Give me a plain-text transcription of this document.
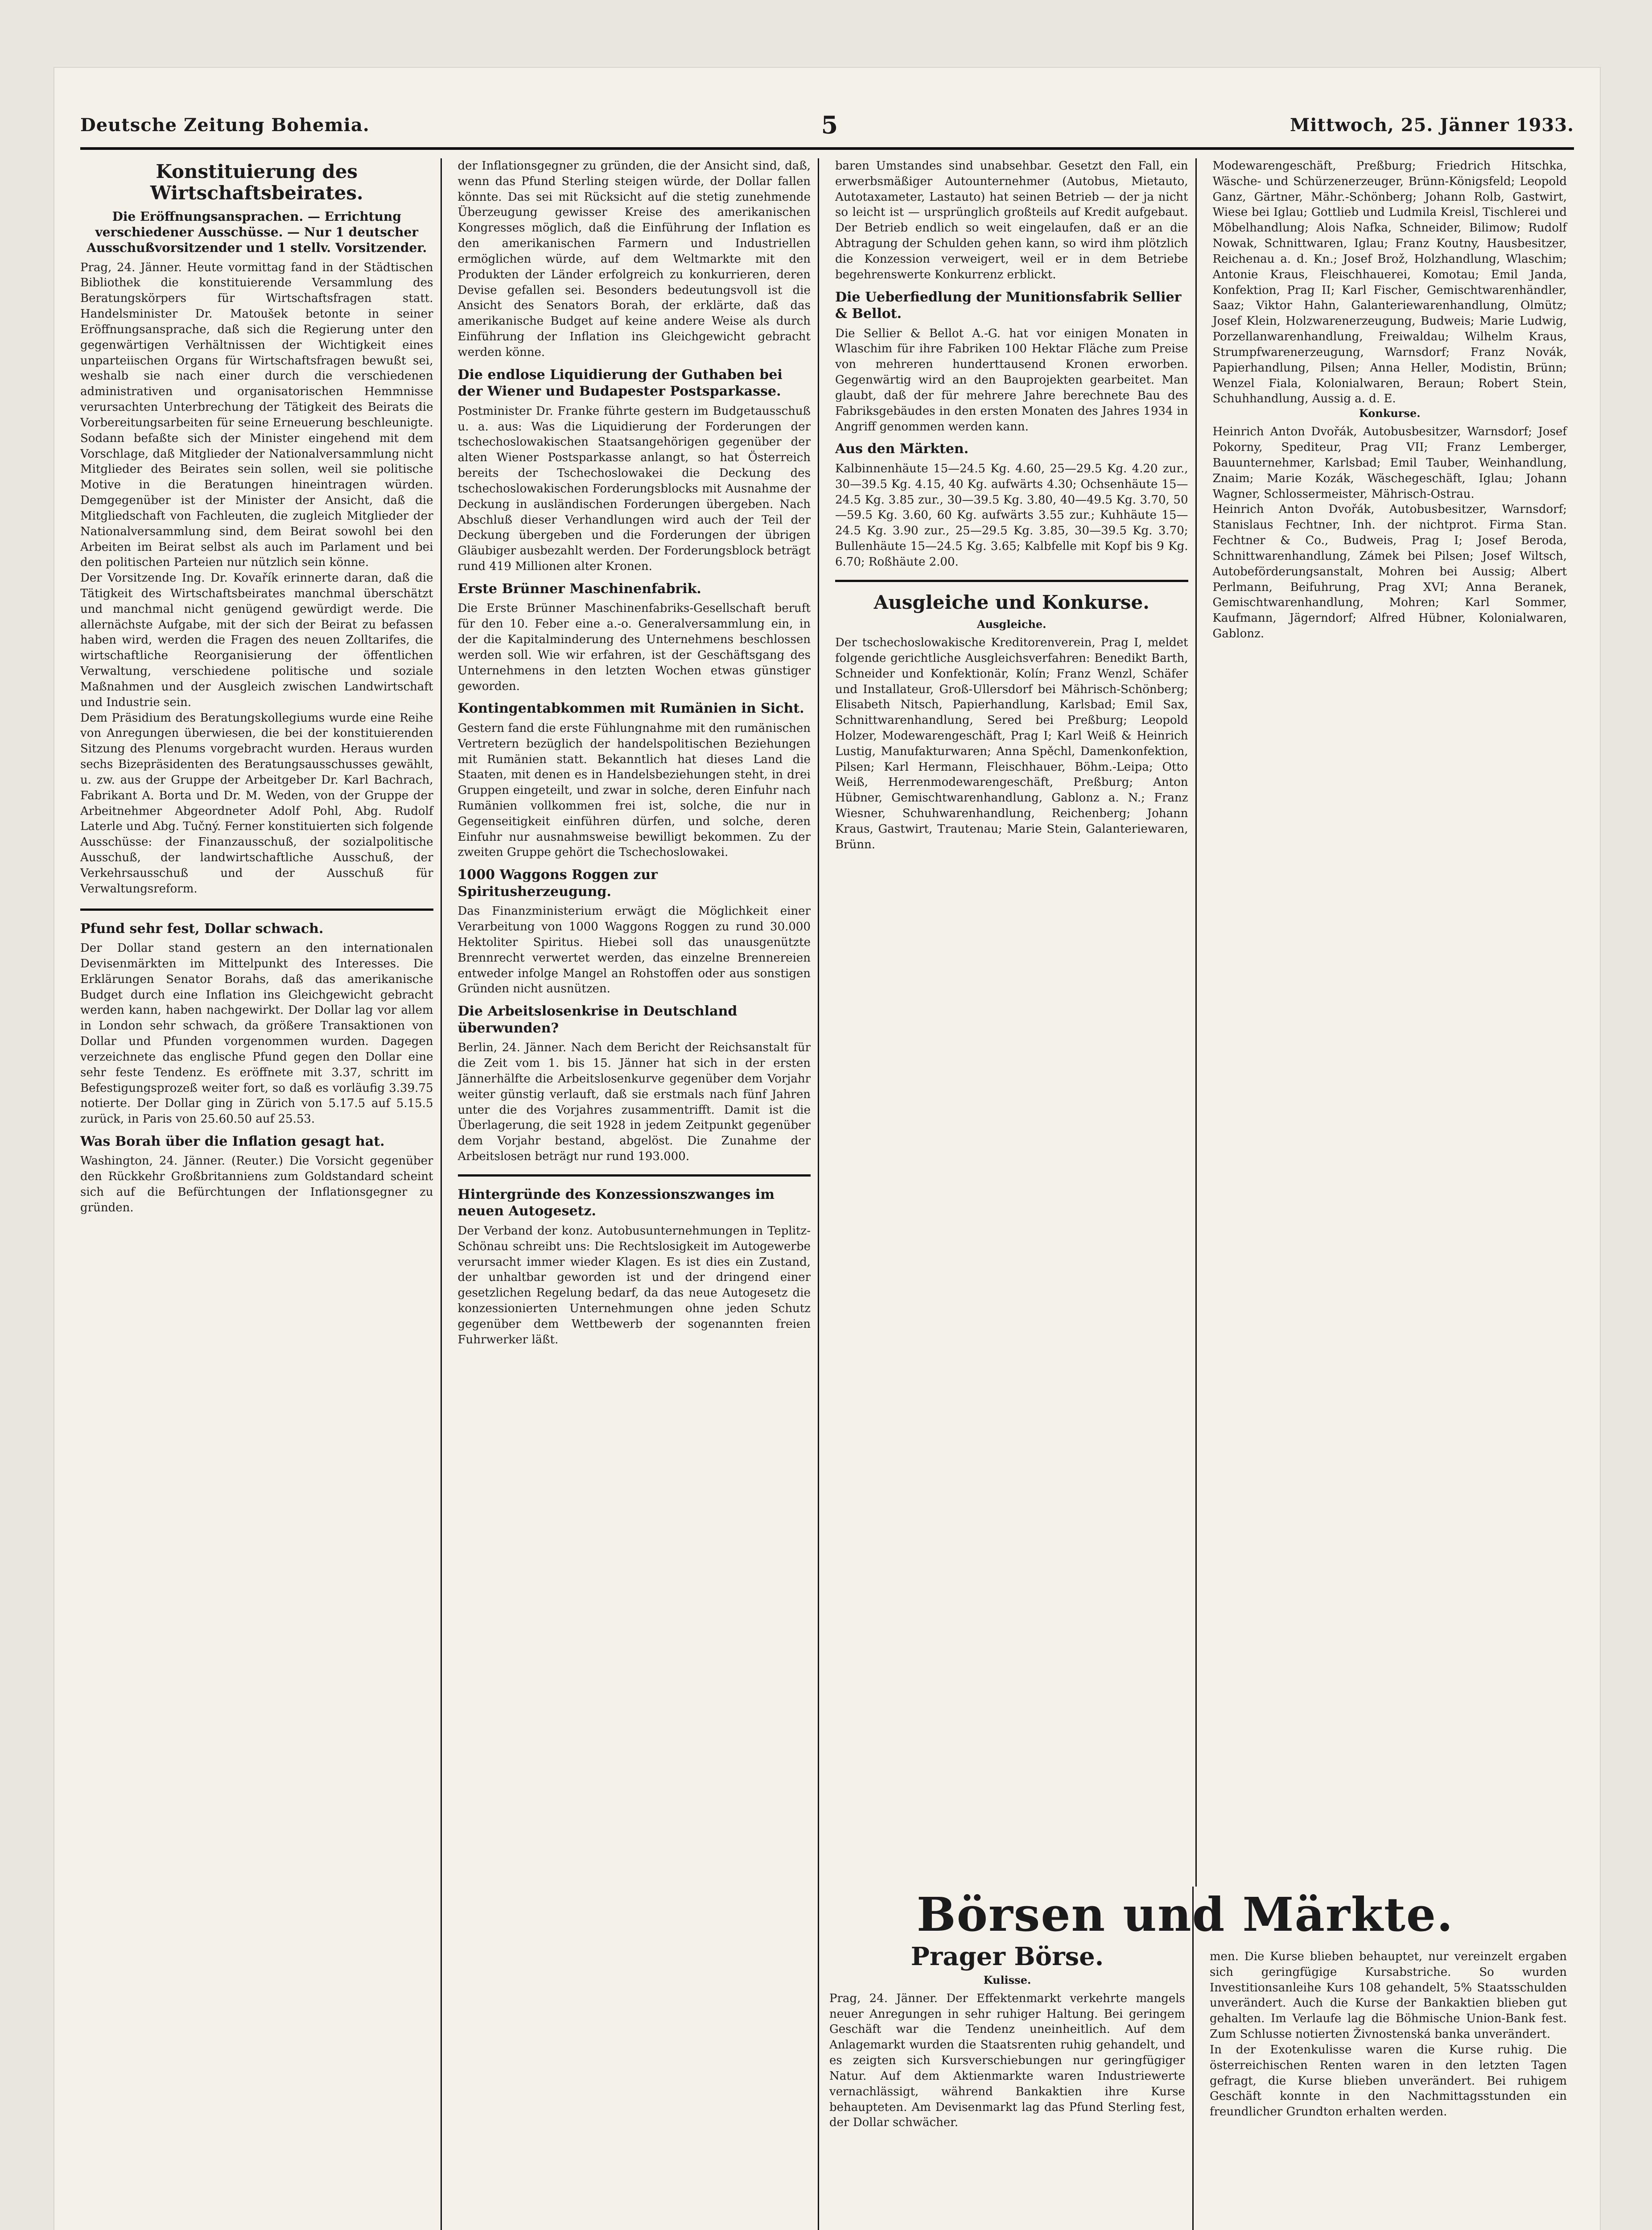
Deutsche Zeitung Bohemia.	5	Mittwoch, 25. Jänner 1933.
Konstituierung des Wirtschaftsbeirates.
Die Eröffnungsansprachen. — Errichtung verschiedener Ausschüsse. — Nur 1 deutscher Ausschußvorsitzender und 1 stellv. Vorsitzender.

Prag, 24. Jänner. Heute vormittag fand in der Städtischen Bibliothek die konstituierende Versammlung des Beratungskörpers für Wirtschaftsfragen statt. Handelsminister Dr. Matoušek betonte in seiner Eröffnungsansprache, daß sich die Regierung unter den gegenwärtigen Verhältnissen der Wichtigkeit eines unparteiischen Organs für Wirtschaftsfragen bewußt sei, weshalb sie nach einer durch die verschiedenen administrativen und organisatorischen Hemmnisse verursachten Unterbrechung der Tätigkeit des Beirats die Vorbereitungsarbeiten für seine Erneuerung beschleunigte. Sodann befaßte sich der Minister eingehend mit dem Vorschlage, daß Mitglieder der Nationalversammlung nicht Mitglieder des Beirates sein sollen, weil sie politische Motive in die Beratungen hineintragen würden. Demgegenüber ist der Minister der Ansicht, daß die Mitgliedschaft von Fachleuten, die zugleich Mitglieder der Nationalversammlung sind, dem Beirat sowohl bei den Arbeiten im Beirat selbst als auch im Parlament und bei den politischen Parteien nur nützlich sein könne.

Der Vorsitzende Ing. Dr. Kovařík erinnerte daran, daß die Tätigkeit des Wirtschaftsbeirates manchmal überschätzt und manchmal nicht genügend gewürdigt werde. Die allernächste Aufgabe, mit der sich der Beirat zu befassen haben wird, werden die Fragen des neuen Zolltarifes, die wirtschaftliche Reorganisierung der öffentlichen Verwaltung, verschiedene politische und soziale Maßnahmen und der Ausgleich zwischen Landwirtschaft und Industrie sein.

Dem Präsidium des Beratungskollegiums wurde eine Reihe von Anregungen überwiesen, die bei der konstituierenden Sitzung des Plenums vorgebracht wurden. Heraus wurden sechs Bizepräsidenten des Beratungsausschusses gewählt, u. zw. aus der Gruppe der Arbeitgeber Dr. Karl Bachrach, Fabrikant A. Borta und Dr. M. Weden, von der Gruppe der Arbeitnehmer Abgeordneter Adolf Pohl, Abg. Rudolf Laterle und Abg. Tučný. Ferner konstituierten sich folgende Ausschüsse: der Finanzausschuß, der sozialpolitische Ausschuß, der landwirtschaftliche Ausschuß, der Verkehrsausschuß und der Ausschuß für Verwaltungsreform.

Pfund sehr fest, Dollar schwach.

Der Dollar stand gestern an den internationalen Devisenmärkten im Mittelpunkt des Interesses. Die Erklärungen Senator Borahs, daß das amerikanische Budget durch eine Inflation ins Gleichgewicht gebracht werden kann, haben nachgewirkt. Der Dollar lag vor allem in London sehr schwach, da größere Transaktionen von Dollar und Pfunden vorgenommen wurden. Dagegen verzeichnete das englische Pfund gegen den Dollar eine sehr feste Tendenz. Es eröffnete mit 3.37, schritt im Befestigungsprozeß weiter fort, so daß es vorläufig 3.39.75 notierte. Der Dollar ging in Zürich von 5.17.5 auf 5.15.5 zurück, in Paris von 25.60.50 auf 25.53.

Was Borah über die Inflation gesagt hat.

Washington, 24. Jänner. (Reuter.) Die Vorsicht gegenüber den Rückkehr Großbritanniens zum Goldstandard scheint sich auf die Befürchtungen der Inflationsgegner zu gründen.

der Inflationsgegner zu gründen, die der Ansicht sind, daß, wenn das Pfund Sterling steigen würde, der Dollar fallen könnte. Das sei mit Rücksicht auf die stetig zunehmende Überzeugung gewisser Kreise des amerikanischen Kongresses möglich, daß die Einführung der Inflation es den amerikanischen Farmern und Industriellen ermöglichen würde, auf dem Weltmarkte mit den Produkten der Länder erfolgreich zu konkurrieren, deren Devise gefallen sei. Besonders bedeutungsvoll ist die Ansicht des Senators Borah, der erklärte, daß das amerikanische Budget auf keine andere Weise als durch Einführung der Inflation ins Gleichgewicht gebracht werden könne.

Die endlose Liquidierung der Guthaben bei der Wiener und Budapester Postsparkasse.

Postminister Dr. Franke führte gestern im Budgetausschuß u. a. aus: Was die Liquidierung der Forderungen der tschechoslowakischen Staatsangehörigen gegenüber der alten Wiener Postsparkasse anlangt, so hat Österreich bereits der Tschechoslowakei die Deckung des tschechoslowakischen Forderungsblocks mit Ausnahme der Deckung in ausländischen Forderungen übergeben. Nach Abschluß dieser Verhandlungen wird auch der Teil der Deckung übergeben und die Forderungen der übrigen Gläubiger ausbezahlt werden. Der Forderungsblock beträgt rund 419 Millionen alter Kronen.

Erste Brünner Maschinenfabrik.

Die Erste Brünner Maschinenfabriks-Gesellschaft beruft für den 10. Feber eine a.-o. Generalversammlung ein, in der die Kapitalminderung des Unternehmens beschlossen werden soll. Wie wir erfahren, ist der Geschäftsgang des Unternehmens in den letzten Wochen etwas günstiger geworden.

Kontingentabkommen mit Rumänien in Sicht.

Gestern fand die erste Fühlungnahme mit den rumänischen Vertretern bezüglich der handelspolitischen Beziehungen mit Rumänien statt. Bekanntlich hat dieses Land die Staaten, mit denen es in Handelsbeziehungen steht, in drei Gruppen eingeteilt, und zwar in solche, deren Einfuhr nach Rumänien vollkommen frei ist, solche, die nur in Gegenseitigkeit einführen dürfen, und solche, deren Einfuhr nur ausnahmsweise bewilligt bekommen. Zu der zweiten Gruppe gehört die Tschechoslowakei.

1000 Waggons Roggen zur Spiritusherzeugung.

Das Finanzministerium erwägt die Möglichkeit einer Verarbeitung von 1000 Waggons Roggen zu rund 30.000 Hektoliter Spiritus. Hiebei soll das unausgenützte Brennrecht verwertet werden, das einzelne Brennereien entweder infolge Mangel an Rohstoffen oder aus sonstigen Gründen nicht ausnützen.

Die Arbeitslosenkrise in Deutschland überwunden?

Berlin, 24. Jänner. Nach dem Bericht der Reichsanstalt für die Zeit vom 1. bis 15. Jänner hat sich in der ersten Jännerhälfte die Arbeitslosenkurve gegenüber dem Vorjahr weiter günstig verlauft, daß sie erstmals nach fünf Jahren unter die des Vorjahres zusammentrifft. Damit ist die Überlagerung, die seit 1928 in jedem Zeitpunkt gegenüber dem Vorjahr bestand, abgelöst. Die Zunahme der Arbeitslosen beträgt nur rund 193.000.

Hintergründe des Konzessionszwanges im neuen Autogesetz.

Der Verband der konz. Autobusunternehmungen in Teplitz-Schönau schreibt uns: Die Rechtslosigkeit im Autogewerbe verursacht immer wieder Klagen. Es ist dies ein Zustand, der unhaltbar geworden ist und der dringend einer gesetzlichen Regelung bedarf, da das neue Autogesetz die konzessionierten Unternehmungen ohne jeden Schutz gegenüber dem Wettbewerb der sogenannten freien Fuhrwerker läßt.

baren Umstandes sind unabsehbar. Gesetzt den Fall, ein erwerbsmäßiger Autounternehmer (Autobus, Mietauto, Autotaxameter, Lastauto) hat seinen Betrieb — der ja nicht so leicht ist — ursprünglich großteils auf Kredit aufgebaut. Der Betrieb endlich so weit eingelaufen, daß er an die Abtragung der Schulden gehen kann, so wird ihm plötzlich die Konzession verweigert, weil er in dem Betriebe begehrenswerte Konkurrenz erblickt.

Die Ueberfiedlung der Munitionsfabrik Sellier & Bellot.

Die Sellier & Bellot A.-G. hat vor einigen Monaten in Wlaschim für ihre Fabriken 100 Hektar Fläche zum Preise von mehreren hunderttausend Kronen erworben. Gegenwärtig wird an den Bauprojekten gearbeitet. Man glaubt, daß der für mehrere Jahre berechnete Bau des Fabriksgebäudes in den ersten Monaten des Jahres 1934 in Angriff genommen werden kann.

Aus den Märkten.

Kalbinnenhäute 15—24.5 Kg. 4.60, 25—29.5 Kg. 4.20 zur., 30—39.5 Kg. 4.15, 40 Kg. aufwärts 4.30; Ochsenhäute 15—24.5 Kg. 3.85 zur., 30—39.5 Kg. 3.80, 40—49.5 Kg. 3.70, 50—59.5 Kg. 3.60, 60 Kg. aufwärts 3.55 zur.; Kuhhäute 15—24.5 Kg. 3.90 zur., 25—29.5 Kg. 3.85, 30—39.5 Kg. 3.70; Bullenhäute 15—24.5 Kg. 3.65; Kalbfelle mit Kopf bis 9 Kg. 6.70; Roßhäute 2.00.

Ausgleiche und Konkurse.
Ausgleiche.

Der tschechoslowakische Kreditorenverein, Prag I, meldet folgende gerichtliche Ausgleichsverfahren: Benedikt Barth, Schneider und Konfektionär, Kolín; Franz Wenzl, Schäfer und Installateur, Groß-Ullersdorf bei Mährisch-Schönberg; Elisabeth Nitsch, Papierhandlung, Karlsbad; Emil Sax, Schnittwarenhandlung, Sered bei Preßburg; Leopold Holzer, Modewarengeschäft, Prag I; Karl Weiß & Heinrich Lustig, Manufakturwaren; Anna Spěchl, Damenkonfektion, Pilsen; Karl Hermann, Fleischhauer, Böhm.-Leipa; Otto Weiß, Herrenmodewarengeschäft, Preßburg; Anton Hübner, Gemischtwarenhandlung, Gablonz a. N.; Franz Wiesner, Schuhwarenhandlung, Reichenberg; Johann Kraus, Gastwirt, Trautenau; Marie Stein, Galanteriewaren, Brünn.

Modewarengeschäft, Preßburg; Friedrich Hitschka, Wäsche- und Schürzenerzeuger, Brünn-Königsfeld; Leopold Ganz, Gärtner, Mähr.-Schönberg; Johann Rolb, Gastwirt, Wiese bei Iglau; Gottlieb und Ludmila Kreisl, Tischlerei und Möbelhandlung; Alois Nafka, Schneider, Bilimow; Rudolf Nowak, Schnittwaren, Iglau; Franz Koutny, Hausbesitzer, Reichenau a. d. Kn.; Josef Brož, Holzhandlung, Wlaschim; Antonie Kraus, Fleischhauerei, Komotau; Emil Janda, Konfektion, Prag II; Karl Fischer, Gemischtwarenhändler, Saaz; Viktor Hahn, Galanteriewarenhandlung, Olmütz; Josef Klein, Holzwarenerzeugung, Budweis; Marie Ludwig, Porzellanwarenhandlung, Freiwaldau; Wilhelm Kraus, Strumpfwarenerzeugung, Warnsdorf; Franz Novák, Papierhandlung, Pilsen; Anna Heller, Modistin, Brünn; Wenzel Fiala, Kolonialwaren, Beraun; Robert Stein, Schuhhandlung, Aussig a. d. E.

Konkurse.

Heinrich Anton Dvořák, Autobusbesitzer, Warnsdorf; Josef Pokorny, Spediteur, Prag VII; Franz Lemberger, Bauunternehmer, Karlsbad; Emil Tauber, Weinhandlung, Znaim; Marie Kozák, Wäschegeschäft, Iglau; Johann Wagner, Schlossermeister, Mährisch-Ostrau.

Heinrich Anton Dvořák, Autobusbesitzer, Warnsdorf; Stanislaus Fechtner, Inh. der nichtprot. Firma Stan. Fechtner & Co., Budweis, Prag I; Josef Beroda, Schnittwarenhandlung, Zámek bei Pilsen; Josef Wiltsch, Autobeförderungsanstalt, Mohren bei Aussig; Albert Perlmann, Beifuhrung, Prag XVI; Anna Beranek, Gemischtwarenhandlung, Mohren; Karl Sommer, Kaufmann, Jägerndorf; Alfred Hübner, Kolonialwaren, Gablonz.

Börsen und Märkte.
Prager Börse.
Kulisse.

Prag, 24. Jänner. Der Effektenmarkt verkehrte mangels neuer Anregungen in sehr ruhiger Haltung. Bei geringem Geschäft war die Tendenz uneinheitlich. Auf dem Anlagemarkt wurden die Staatsrenten ruhig gehandelt, und es zeigten sich Kursverschiebungen nur geringfügiger Natur. Auf dem Aktienmarkte waren Industriewerte vernachlässigt, während Bankaktien ihre Kurse behaupteten. Am Devisenmarkt lag das Pfund Sterling fest, der Dollar schwächer.

men. Die Kurse blieben behauptet, nur vereinzelt ergaben sich geringfügige Kursabstriche. So wurden Investitionsanleihe Kurs 108 gehandelt, 5% Staatsschulden unverändert. Auch die Kurse der Bankaktien blieben gut gehalten. Im Verlaufe lag die Böhmische Union-Bank fest. Zum Schlusse notierten Živnostenská banka unverändert.

In der Exotenkulisse waren die Kurse ruhig. Die österreichischen Renten waren in den letzten Tagen gefragt, die Kurse blieben unverändert. Bei ruhigem Geschäft konnte in den Nachmittagsstunden ein freundlicher Grundton erhalten werden.
